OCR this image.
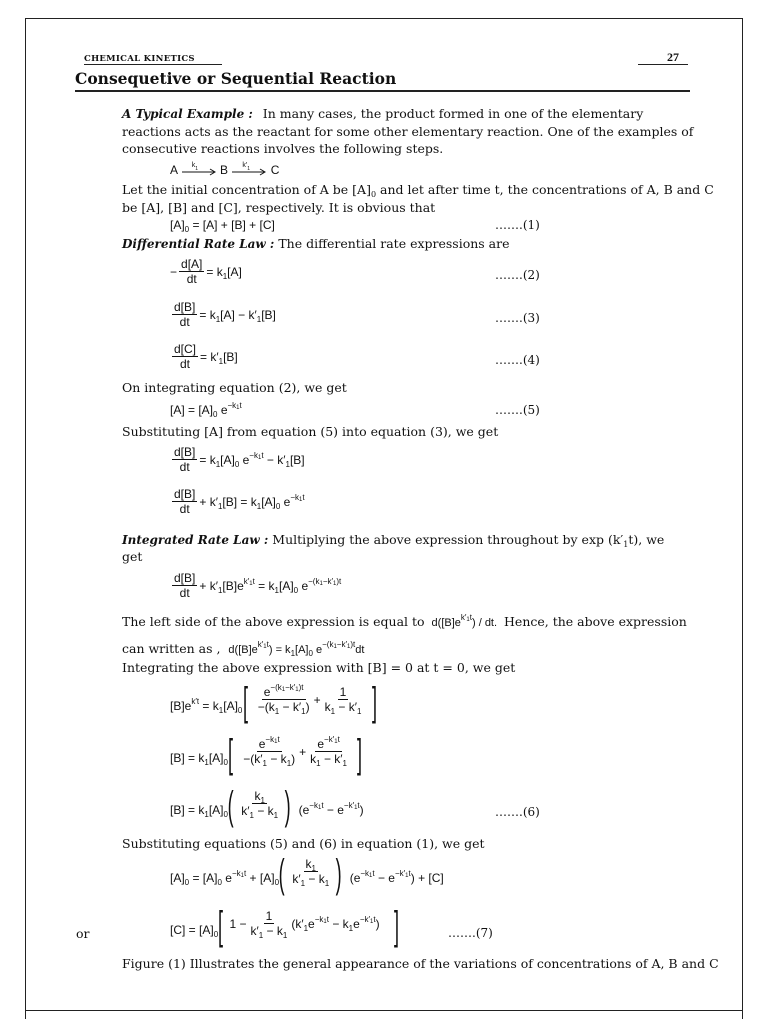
CHEMICAL KINETICS	27
Consequetive or Sequential Reaction
A Typical Example : In many cases, the product formed in one of the elementary
reactions acts as the reactant for some other elementary reaction. One of the examples of
consecutive reactions involves the following steps.
A $k_1$ B $k'_1$ C
Let the initial concentration of A be $[A]_0$ and let after time t, the concentrations of A, B and C
be [A], [B] and [C], respectively. It is obvious that
$[A]_0 = [A] + [B] + [C]$	…….(1)
Differential Rate Law : The differential rate expressions are
− $\frac{d[A]}{dt} = k_1[A]$	…….(2)
$\frac{d[B]}{dt} = k_1[A] - k'_1[B]$	…….(3)
$\frac{d[C]}{dt} = k'_1[B]$	…….(4)
On integrating equation (2), we get
$[A] = [A]_0$ $e^{-k_1t}$	…….(5)
Substituting [A] from equation (5) into equation (3), we get
$\frac{d[B]}{dt} = k_1[A]_0$ $e^{-k_1t} - k'_1[B]$
$\frac{d[B]}{dt} + k'_1[B] = k_1[A]_0$ $e^{-k_1t}$
Integrated Rate Law : Multiplying the above expression throughout by $\exp (k'_1t)$, we
get
$\frac{d[B]}{dt} + k'_1[B]e^{k'_1t} = k_1[A]_0$ $e^{-(k_1-k'_1)t}$
The left side of the above expression is equal to $d([B]e^{k'_1t})$ / dt. Hence, the above expression
can written as , $d([B]e^{k'_1t}) = k_1[A]_0$ $e^{-(k_1-k'_1)t}dt$
Integrating the above expression with [B] = 0 at t = 0, we get
$[B]e^{k't} = k_1[A]_0$ [ $\frac{e^{-(k_1-k'_1)t}}{-(k_1 - k'_1)} + \frac{1}{k_1 - k'_1}$ ]
$[B] = k_1[A]_0$ [ $\frac{e^{-k_1t}}{-(k'_1 - k_1)} + \frac{e^{-k'_1t}}{k_1 - k'_1}$ ]
$[B] = k_1[A]_0$ ( $\frac{k_1}{k'_1 - k_1}$ ) $(e^{-k_1t} - e^{-k'_1t})$	…….(6)
Substituting equations (5) and (6) in equation (1), we get
$[A]_0 = [A]_0$ $e^{-k_1t} + [A]_0$ ( $\frac{k_1}{k'_1 - k_1}$ ) $(e^{-k_1t} - e^{-k'_1t}) + [C]$
or	$[C] = [A]_0$ [ $1 - \frac{1}{k'_1 - k_1} (k'_1e^{-k_1t} - k_1e^{-k'_1t})$ ]	…….(7)
Figure (1) Illustrates the general appearance of the variations of concentrations of A, B and C
